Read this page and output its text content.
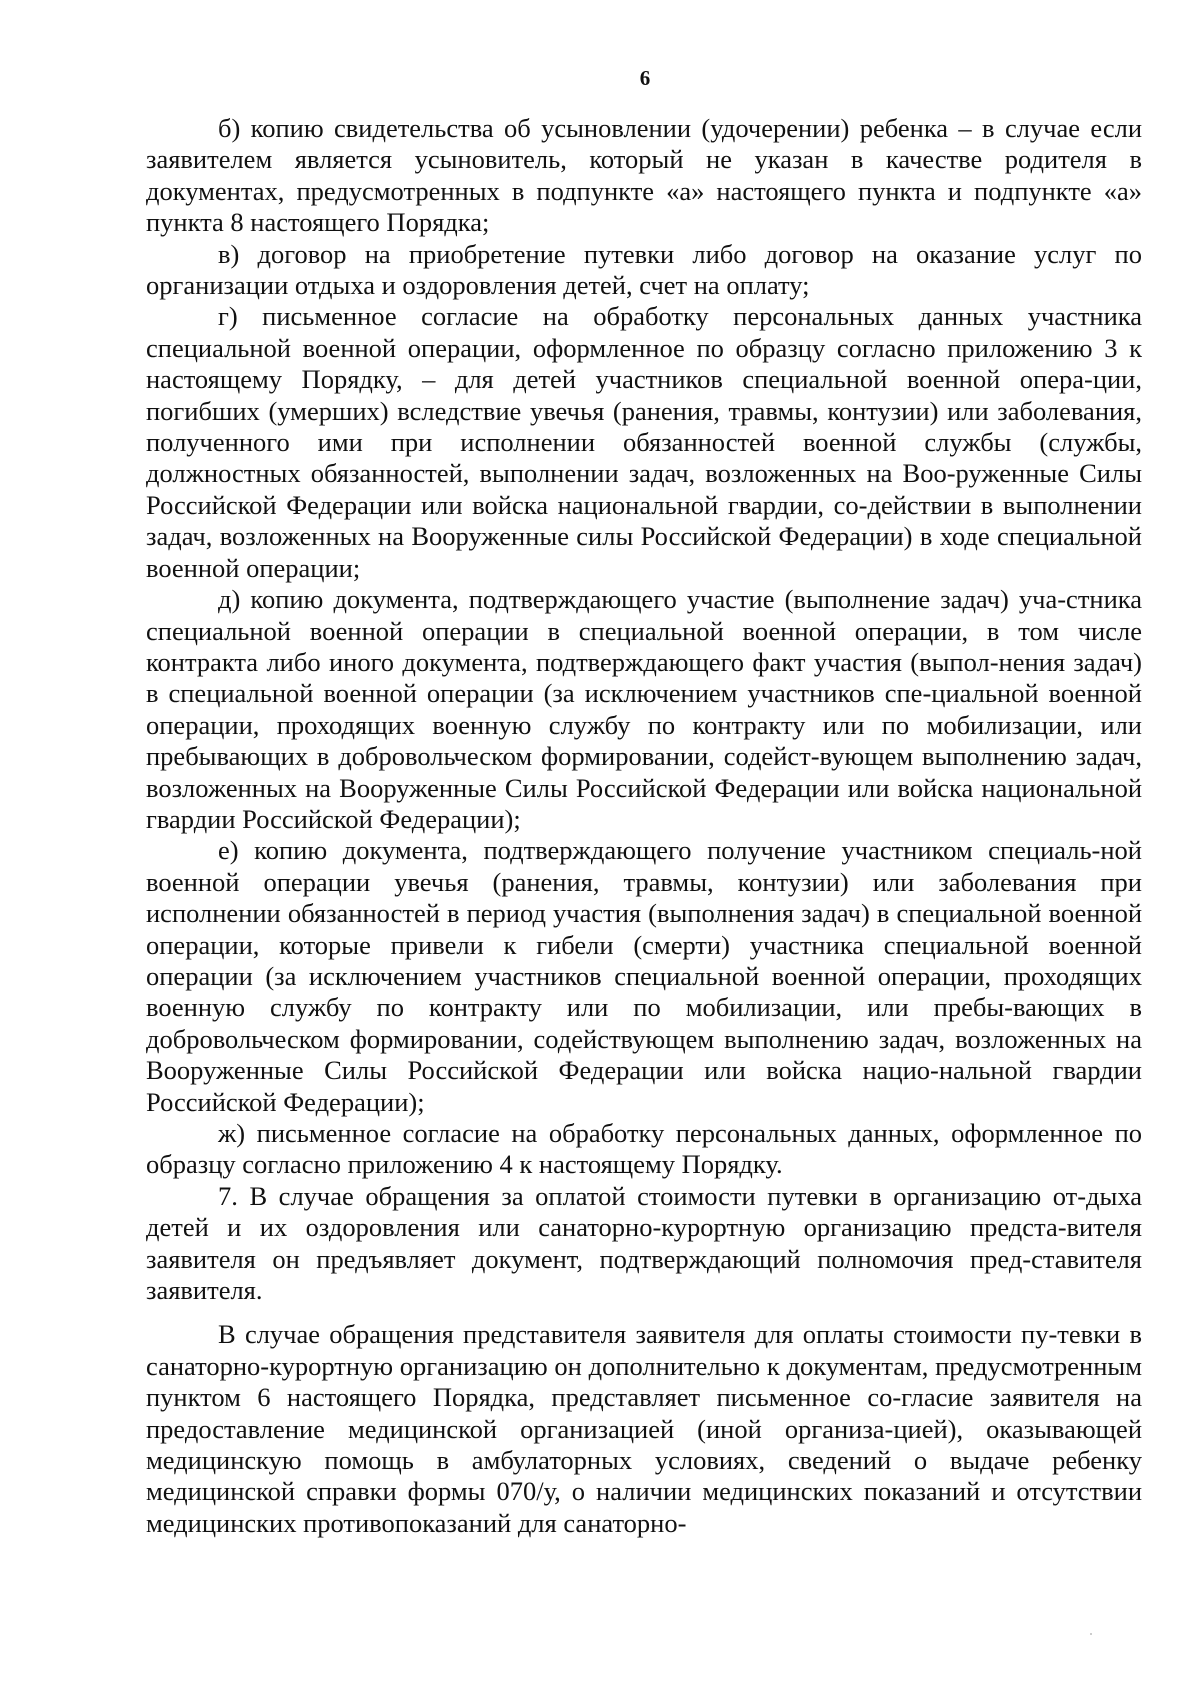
6

б) копию свидетельства об усыновлении (удочерении) ребенка – в случае если заявителем является усыновитель, который не указан в качестве родителя в документах, предусмотренных в подпункте «а» настоящего пункта и подпункте «а» пункта 8 настоящего Порядка;

в) договор на приобретение путевки либо договор на оказание услуг по организации отдыха и оздоровления детей, счет на оплату;

г) письменное согласие на обработку персональных данных участника специальной военной операции, оформленное по образцу согласно приложению 3 к настоящему Порядку, – для детей участников специальной военной опера-ции, погибших (умерших) вследствие увечья (ранения, травмы, контузии) или заболевания, полученного ими при исполнении обязанностей военной службы (службы, должностных обязанностей, выполнении задач, возложенных на Воо-руженные Силы Российской Федерации или войска национальной гвардии, со-действии в выполнении задач, возложенных на Вооруженные силы Российской Федерации) в ходе специальной военной операции;

д) копию документа, подтверждающего участие (выполнение задач) уча-стника специальной военной операции в специальной военной операции, в том числе контракта либо иного документа, подтверждающего факт участия (выпол-нения задач) в специальной военной операции (за исключением участников спе-циальной военной операции, проходящих военную службу по контракту или по мобилизации, или пребывающих в добровольческом формировании, содейст-вующем выполнению задач, возложенных на Вооруженные Силы Российской Федерации или войска национальной гвардии Российской Федерации);

е) копию документа, подтверждающего получение участником специаль-ной военной операции увечья (ранения, травмы, контузии) или заболевания при исполнении обязанностей в период участия (выполнения задач) в специальной военной операции, которые привели к гибели (смерти) участника специальной военной операции (за исключением участников специальной военной операции, проходящих военную службу по контракту или по мобилизации, или пребы-вающих в добровольческом формировании, содействующем выполнению задач, возложенных на Вооруженные Силы Российской Федерации или войска нацио-нальной гвардии Российской Федерации);

ж) письменное согласие на обработку персональных данных, оформленное по образцу согласно приложению 4 к настоящему Порядку.

7. В случае обращения за оплатой стоимости путевки в организацию от-дыха детей и их оздоровления или санаторно-курортную организацию предста-вителя заявителя он предъявляет документ, подтверждающий полномочия пред-ставителя заявителя.

В случае обращения представителя заявителя для оплаты стоимости пу-тевки в санаторно-курортную организацию он дополнительно к документам, предусмотренным пунктом 6 настоящего Порядка, представляет письменное со-гласие заявителя на предоставление медицинской организацией (иной организа-цией), оказывающей медицинскую помощь в амбулаторных условиях, сведений о выдаче ребенку медицинской справки формы 070/у, о наличии медицинских показаний и отсутствии медицинских противопоказаний для санаторно-
